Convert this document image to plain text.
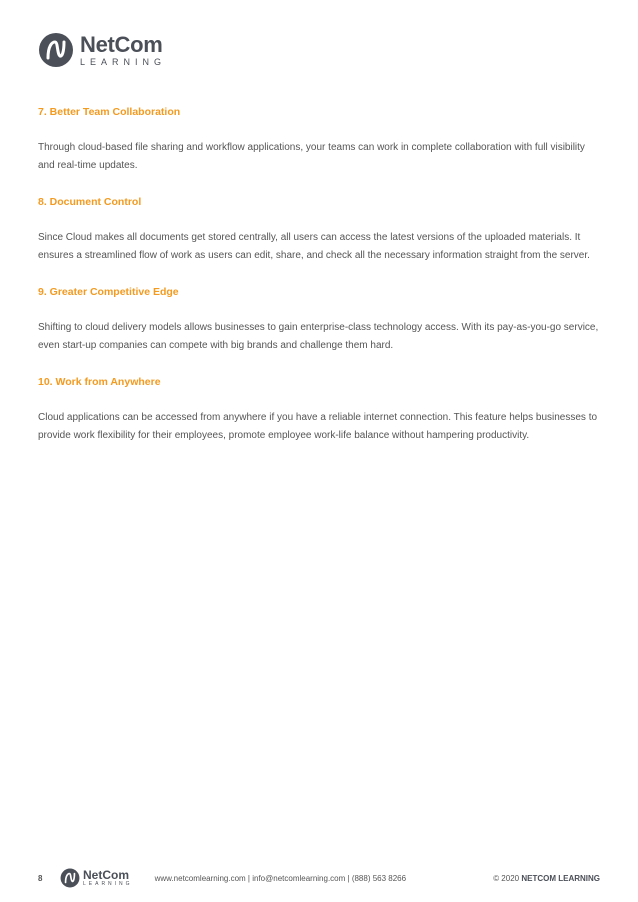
NetCom
LEARNING

7. Better Team Collaboration

Through cloud-based file sharing and workflow applications, your teams can work in complete collaboration with full visibility and real-time updates.

8. Document Control

Since Cloud makes all documents get stored centrally, all users can access the latest versions of the uploaded materials. It ensures a streamlined flow of work as users can edit, share, and check all the necessary information straight from the server.

9. Greater Competitive Edge

Shifting to cloud delivery models allows businesses to gain enterprise-class technology access. With its pay-as-you-go service, even start-up companies can compete with big brands and challenge them hard.

10. Work from Anywhere

Cloud applications can be accessed from anywhere if you have a reliable internet connection. This feature helps businesses to provide work flexibility for their employees, promote employee work-life balance without hampering productivity.

8	NetCom
LEARNING
www.netcomlearning.com | info@netcomlearning.com | (888) 563 8266	© 2020 NETCOM LEARNING
